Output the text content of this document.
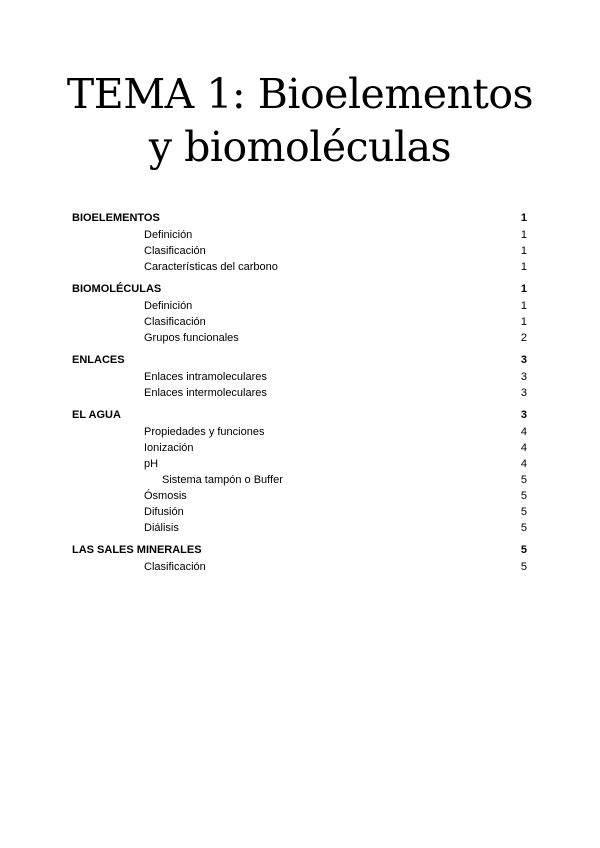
TEMA 1: Bioelementos
y biomoléculas
BIOELEMENTOS	1
Definición	1
Clasificación	1
Características del carbono	1
BIOMOLÉCULAS	1
Definición	1
Clasificación	1
Grupos funcionales	2
ENLACES	3
Enlaces intramoleculares	3
Enlaces intermoleculares	3
EL AGUA	3
Propiedades y funciones	4
Ionización	4
pH	4
Sistema tampón o Buffer	5
Ósmosis	5
Difusión	5
Diálisis	5
LAS SALES MINERALES	5
Clasificación	5
